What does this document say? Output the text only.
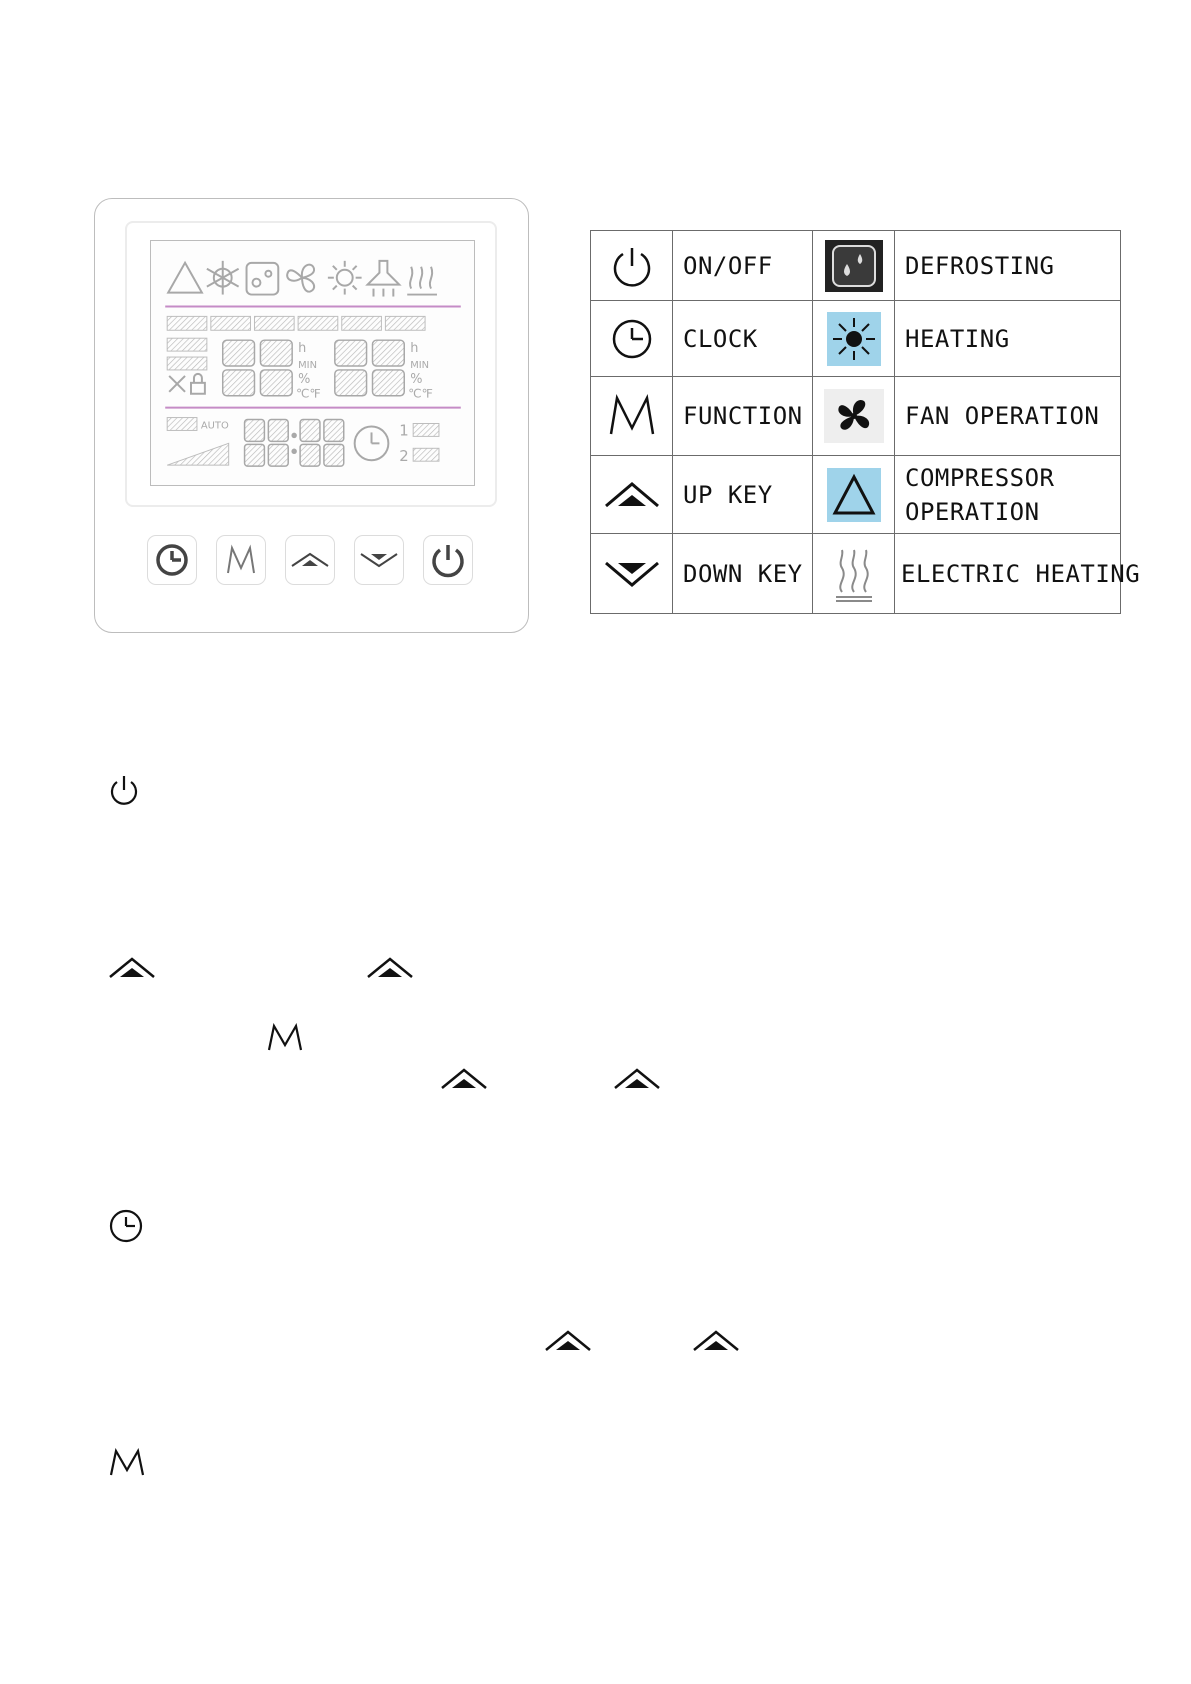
h
MIN
%
℃℉
h
MIN
%
℃℉
AUTO	1
2
	ON/OFF		DEFROSTING

	CLOCK		HEATING

	FUNCTION		FAN OPERATION

	UP KEY		COMPRESSOR
OPERATION

	DOWN KEY		ELECTRIC HEATING
